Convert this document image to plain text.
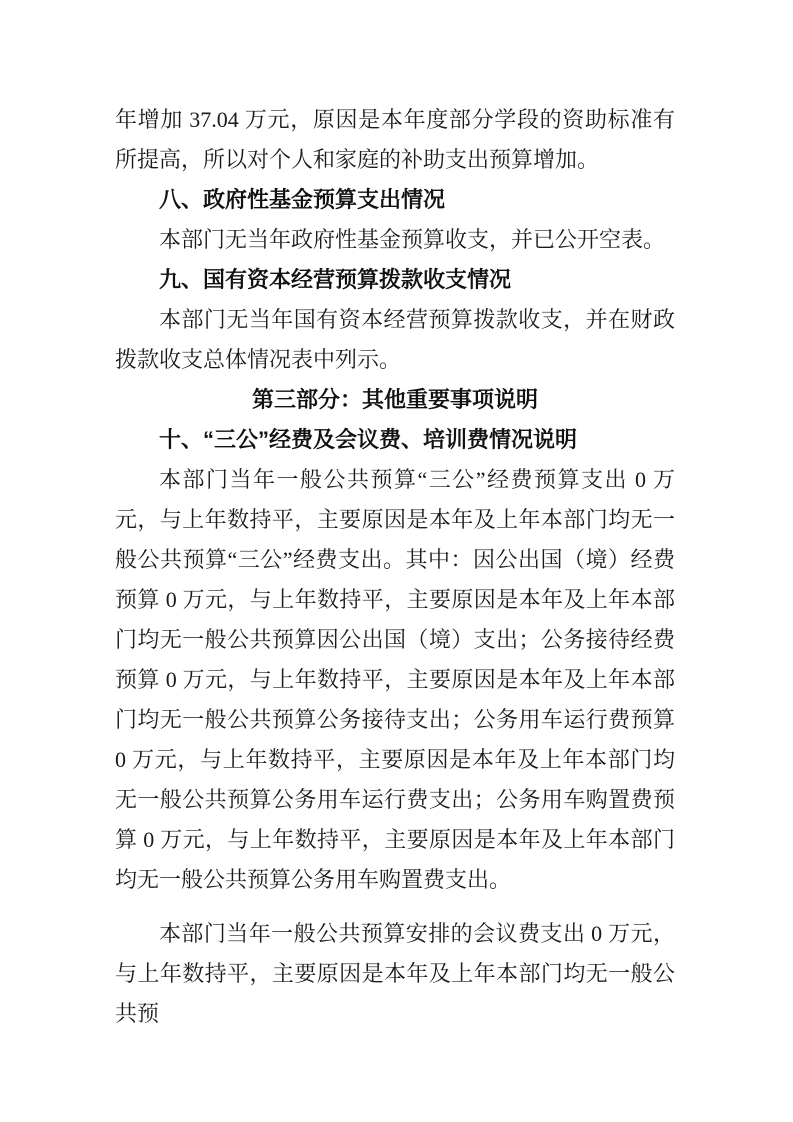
年增加 37.04 万元，原因是本年度部分学段的资助标准有所提高，所以对个人和家庭的补助支出预算增加。

八、政府性基金预算支出情况

本部门无当年政府性基金预算收支，并已公开空表。

九、国有资本经营预算拨款收支情况

本部门无当年国有资本经营预算拨款收支，并在财政拨款收支总体情况表中列示。

第三部分：其他重要事项说明
十、“三公”经费及会议费、培训费情况说明

本部门当年一般公共预算“三公”经费预算支出 0 万元，与上年数持平，主要原因是本年及上年本部门均无一般公共预算“三公”经费支出。其中：因公出国（境）经费预算 0 万元，与上年数持平，主要原因是本年及上年本部门均无一般公共预算因公出国（境）支出；公务接待经费预算 0 万元，与上年数持平，主要原因是本年及上年本部门均无一般公共预算公务接待支出；公务用车运行费预算 0 万元，与上年数持平，主要原因是本年及上年本部门均无一般公共预算公务用车运行费支出；公务用车购置费预算 0 万元，与上年数持平，主要原因是本年及上年本部门均无一般公共预算公务用车购置费支出。

本部门当年一般公共预算安排的会议费支出 0 万元，与上年数持平，主要原因是本年及上年本部门均无一般公共预
